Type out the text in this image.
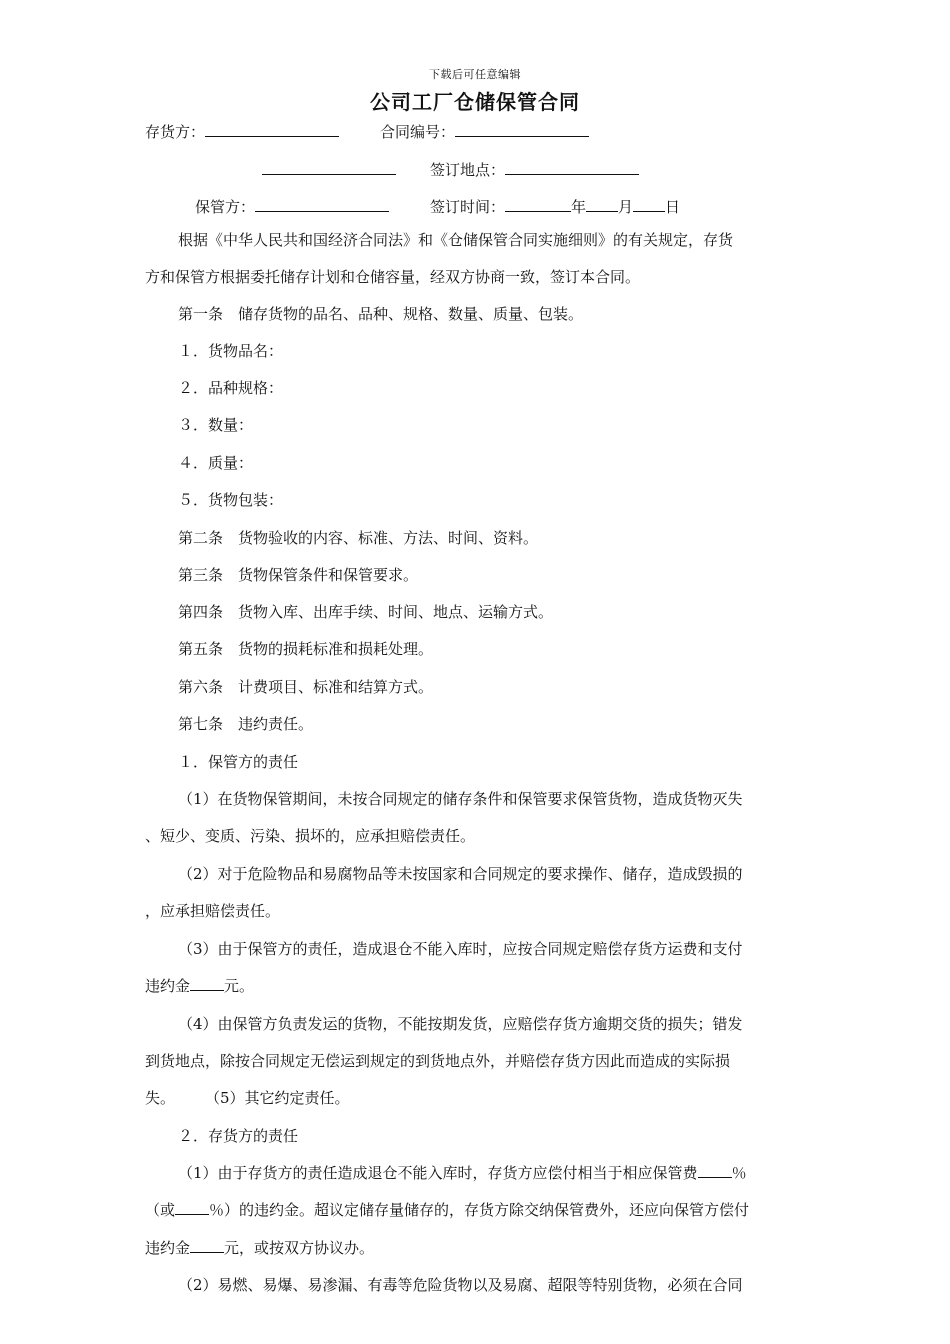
下载后可任意编辑
公司工厂仓储保管合同
存货方：	合同编号：
签订地点：
保管方：	签订时间：	年 月 日
根据《中华人民共和国经济合同法》和《仓储保管合同实施细则》的有关规定，存货
方和保管方根据委托储存计划和仓储容量，经双方协商一致，签订本合同。
第一条　储存货物的品名、品种、规格、数量、质量、包装。
１．货物品名：
２．品种规格：
３．数量：
４．质量：
５．货物包装：
第二条　货物验收的内容、标准、方法、时间、资料。
第三条　货物保管条件和保管要求。
第四条　货物入库、出库手续、时间、地点、运输方式。
第五条　货物的损耗标准和损耗处理。
第六条　计费项目、标准和结算方式。
第七条　违约责任。
１．保管方的责任
（1）在货物保管期间，未按合同规定的储存条件和保管要求保管货物，造成货物灭失
、短少、变质、污染、损坏的，应承担赔偿责任。
（2）对于危险物品和易腐物品等未按国家和合同规定的要求操作、储存，造成毁损的
，应承担赔偿责任。
（3）由于保管方的责任，造成退仓不能入库时，应按合同规定赔偿存货方运费和支付
违约金 元。
（4）由保管方负责发运的货物，不能按期发货，应赔偿存货方逾期交货的损失；错发
到货地点，除按合同规定无偿运到规定的到货地点外，并赔偿存货方因此而造成的实际损
失。　　　（5）其它约定责任。
２．存货方的责任
（1）由于存货方的责任造成退仓不能入库时，存货方应偿付相当于相应保管费 ％
（或 ％）的违约金。超议定储存量储存的，存货方除交纳保管费外，还应向保管方偿付
违约金 元，或按双方协议办。
（2）易燃、易爆、易渗漏、有毒等危险货物以及易腐、超限等特别货物，必须在合同
